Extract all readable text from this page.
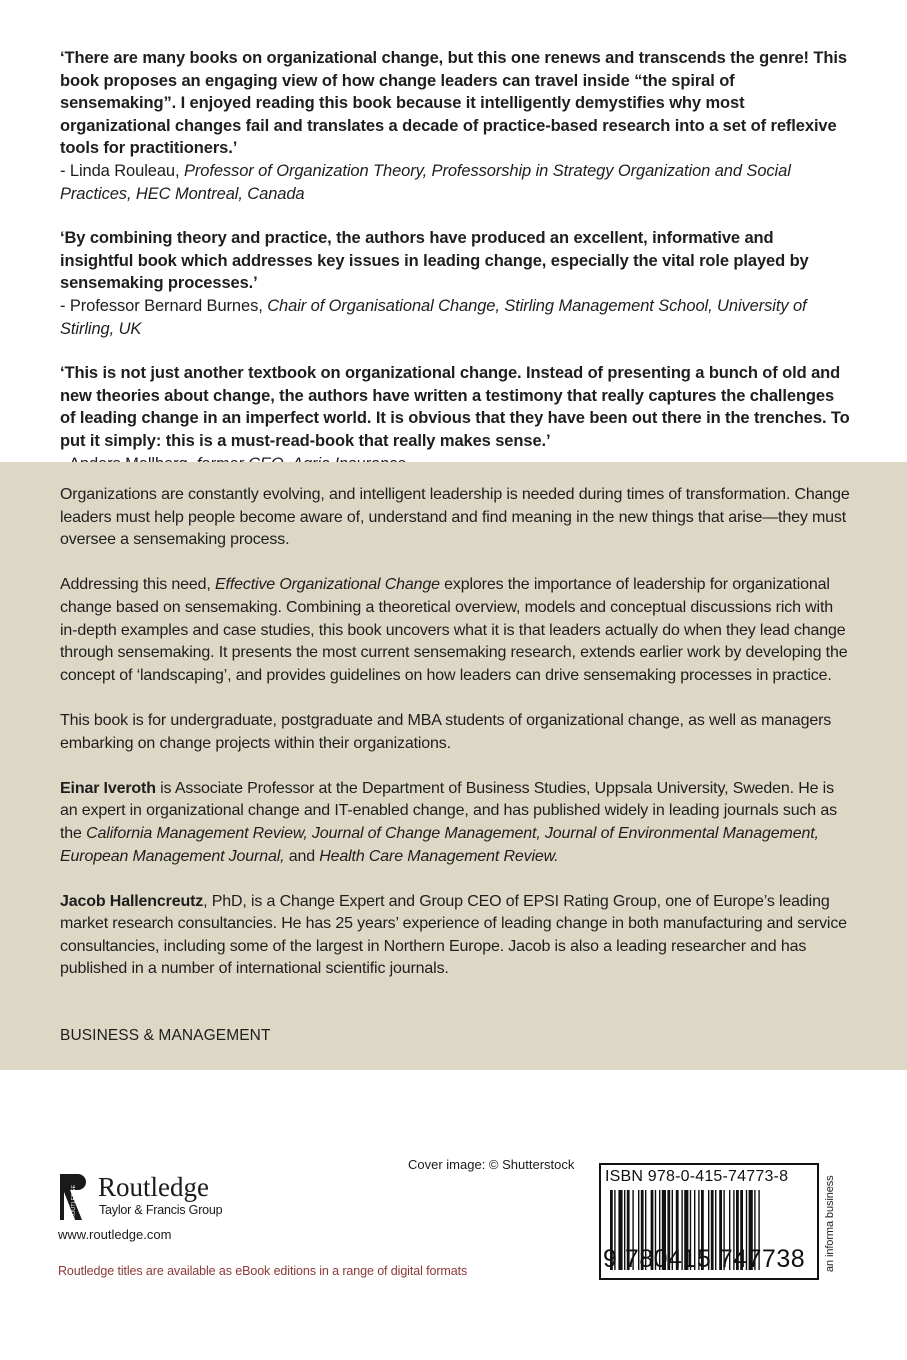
‘There are many books on organizational change, but this one renews and transcends the genre! This book proposes an engaging view of how change leaders can travel inside “the spiral of sensemaking”. I enjoyed reading this book because it intelligently demystifies why most organizational changes fail and translates a decade of practice-based research into a set of reflexive tools for practitioners.’
- Linda Rouleau, Professor of Organization Theory, Professorship in Strategy Organization and Social Practices, HEC Montreal, Canada
‘By combining theory and practice, the authors have produced an excellent, informative and insightful book which addresses key issues in leading change, especially the vital role played by sensemaking processes.’
- Professor Bernard Burnes, Chair of Organisational Change, Stirling Management School, University of Stirling, UK
‘This is not just another textbook on organizational change. Instead of presenting a bunch of old and new theories about change, the authors have written a testimony that really captures the challenges of leading change in an imperfect world. It is obvious that they have been out there in the trenches. To put it simply: this is a must-read-book that really makes sense.’

Organizations are constantly evolving, and intelligent leadership is needed during times of transformation. Change leaders must help people become aware of, understand and find meaning in the new things that arise—they must oversee a sensemaking process.

Addressing this need, Effective Organizational Change explores the importance of leadership for organizational change based on sensemaking. Combining a theoretical overview, models and conceptual discussions rich with in-depth examples and case studies, this book uncovers what it is that leaders actually do when they lead change through sensemaking. It presents the most current sensemaking research, extends earlier work by developing the concept of ‘landscaping’, and provides guidelines on how leaders can drive sensemaking processes in practice.

This book is for undergraduate, postgraduate and MBA students of organizational change, as well as managers embarking on change projects within their organizations.

Einar Iveroth is Associate Professor at the Department of Business Studies, Uppsala University, Sweden. He is an expert in organizational change and IT-enabled change, and has published widely in leading journals such as the California Management Review, Journal of Change Management, Journal of Environmental Management, European Management Journal, and Health Care Management Review.

Jacob Hallencreutz, PhD, is a Change Expert and Group CEO of EPSI Rating Group, one of Europe’s leading market research consultancies. He has 25 years’ experience of leading change in both manufacturing and service consultancies, including some of the largest in Northern Europe. Jacob is also a leading researcher and has published in a number of international scientific journals.

BUSINESS & MANAGEMENT
ROUTLEDGE Routledge
Taylor & Francis Group
www.routledge.com
Routledge titles are available as eBook editions in a range of digital formats
Cover image: © Shutterstock
ISBN 978-0-415-74773-8
9 780415 747738 an informa business
